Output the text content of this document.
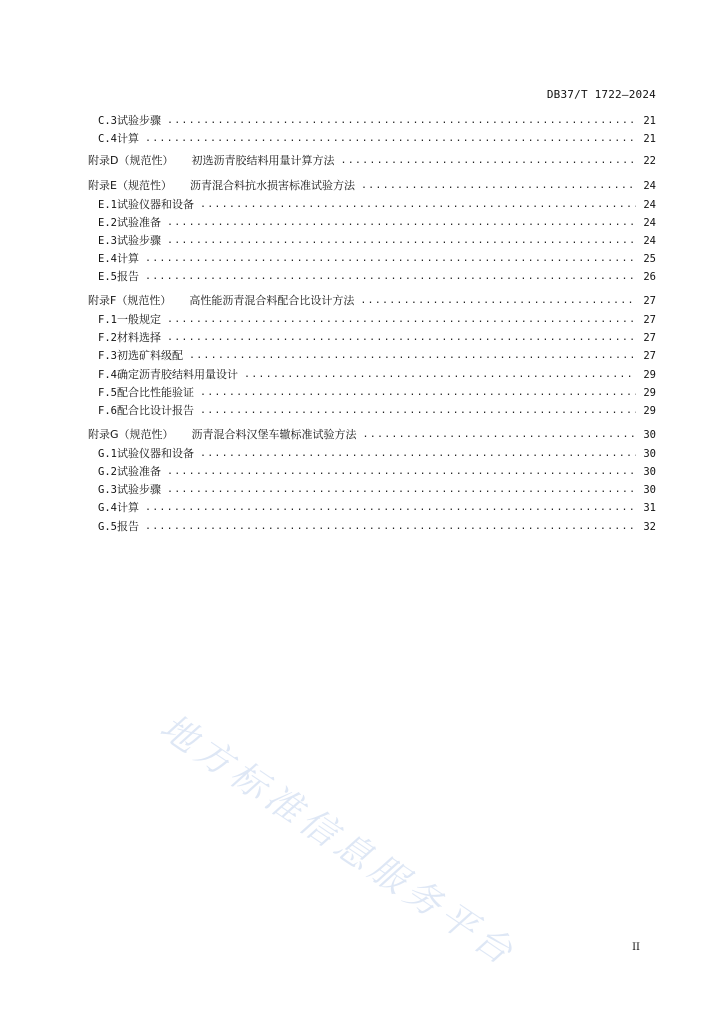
DB37/T 1722—2024
C.3 试验步骤 .....	21
C.4 计算 .....	21
附录D（规范性） 初选沥青胶结料用量计算方法 .....	22
附录E（规范性） 沥青混合料抗水损害标准试验方法 .....	24
E.1 试验仪器和设备 .....	24
E.2 试验准备 .....	24
E.3 试验步骤 .....	24
E.4 计算 .....	25
E.5 报告 .....	26
附录F（规范性） 高性能沥青混合料配合比设计方法 .....	27
F.1 一般规定 .....	27
F.2 材料选择 .....	27
F.3 初选矿料级配 .....	27
F.4 确定沥青胶结料用量设计 .....	29
F.5 配合比性能验证 .....	29
F.6 配合比设计报告 .....	29
附录G（规范性） 沥青混合料汉堡车辙标准试验方法 .....	30
G.1 试验仪器和设备 .....	30
G.2 试验准备 .....	30
G.3 试验步骤 .....	30
G.4 计算 .....	31
G.5 报告 .....	32
地方标准信息服务平台	II
